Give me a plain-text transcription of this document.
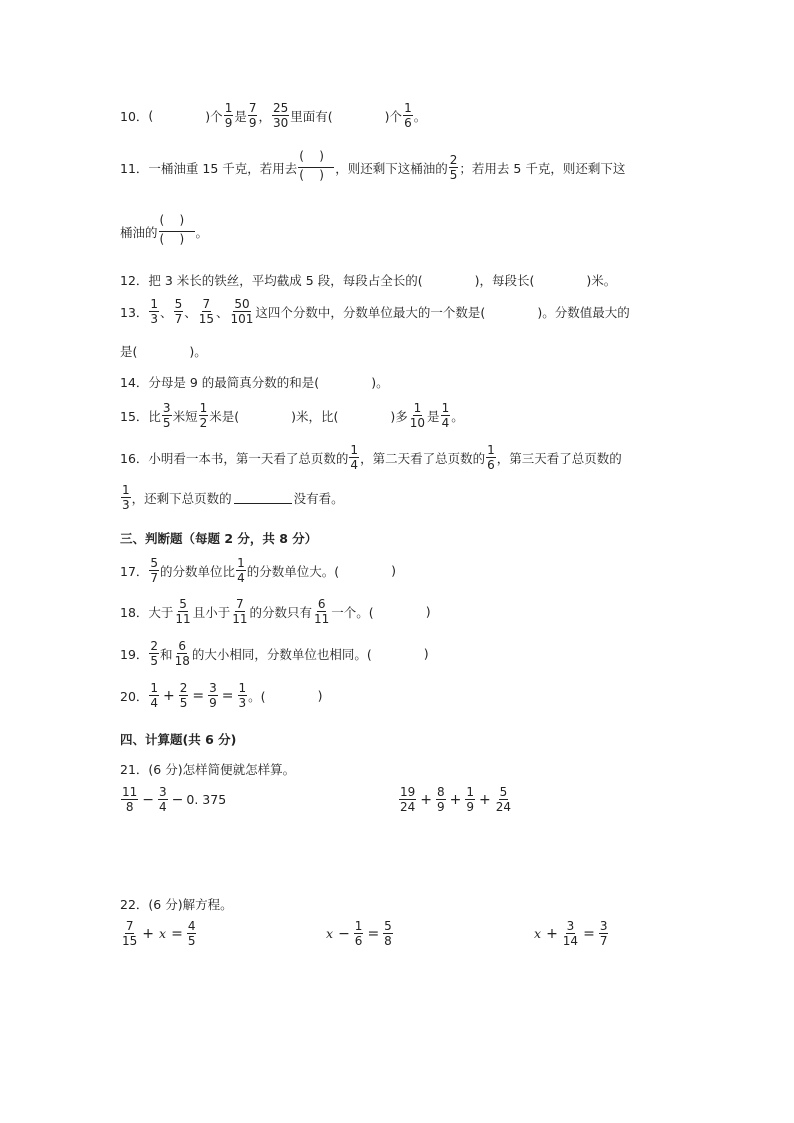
10． (	)个 $\frac{1}{9}$ 是 $\frac{7}{9}$ ， $\frac{25}{30}$ 里面有(	)个 $\frac{1}{6}$ 。
11． 一桶油重 15 千克，若用去 $\frac{( )}{( )}$ ，则还剩下这桶油的 $\frac{2}{5}$ ；若用去 5 千克，则还剩下这
桶油的 $\frac{( )}{( )}$ 。
12． 把 3 米长的铁丝，平均截成 5 段，每段占全长的(	)，每段长(	)米。
13． $\frac{1}{3}$ 、 $\frac{5}{7}$ 、 $\frac{7}{15}$ 、 $\frac{50}{101}$ 这四个分数中，分数单位最大的一个数是(	)。分数值最大的
是(	)。
14． 分母是 9 的最简真分数的和是(	)。
15． 比 $\frac{3}{5}$ 米短 $\frac{1}{2}$ 米是(	)米，比(	)多 $\frac{1}{10}$ 是 $\frac{1}{4}$ 。
16． 小明看一本书，第一天看了总页数的 $\frac{1}{4}$ ，第二天看了总页数的 $\frac{1}{6}$ ，第三天看了总页数的
$\frac{1}{3}$ ，还剩下总页数的	没有看。
三、判断题（每题 2 分，共 8 分）
17． $\frac{5}{7}$ 的分数单位比 $\frac{1}{4}$ 的分数单位大。(	)
18． 大于 $\frac{5}{11}$ 且小于 $\frac{7}{11}$ 的分数只有 $\frac{6}{11}$ 一个。(	)
19． $\frac{2}{5}$ 和 $\frac{6}{18}$ 的大小相同，分数单位也相同。(	)
20． $\frac{1}{4} + \frac{2}{5} = \frac{3}{9} = \frac{1}{3}$ 。(	)
四、计算题(共 6 分)
21．(6 分)怎样简便就怎样算。
$\frac{11}{8} - \frac{3}{4} - 0$. 375	$\frac{19}{24} + \frac{8}{9} + \frac{1}{9} + \frac{5}{24}$
22．(6 分)解方程。
$\frac{7}{15} + x = \frac{4}{5}$	$x - \frac{1}{6} = \frac{5}{8}$	$x + \frac{3}{14} = \frac{3}{7}$
